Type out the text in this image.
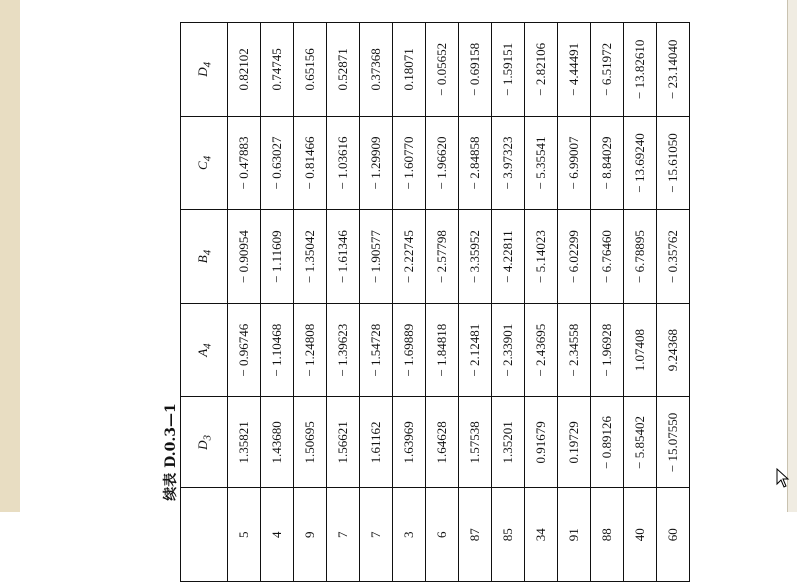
续表 D.0.3—1
	$D_3$	$A_4$	$B_4$	$C_4$	$D_4$
5	1.35821	− 0.96746	− 0.90954	− 0.47883	0.82102
4	1.43680	− 1.10468	− 1.11609	− 0.63027	0.74745
9	1.50695	− 1.24808	− 1.35042	− 0.81466	0.65156
7	1.56621	− 1.39623	− 1.61346	− 1.03616	0.52871
7	1.61162	− 1.54728	− 1.90577	− 1.29909	0.37368
3	1.63969	− 1.69889	− 2.22745	− 1.60770	0.18071
6	1.64628	− 1.84818	− 2.57798	− 1.96620	− 0.05652
87	1.57538	− 2.12481	− 3.35952	− 2.84858	− 0.69158
85	1.35201	− 2.33901	− 4.22811	− 3.97323	− 1.59151
34	0.91679	− 2.43695	− 5.14023	− 5.35541	− 2.82106
91	0.19729	− 2.34558	− 6.02299	− 6.99007	− 4.44491
88	− 0.89126	− 1.96928	− 6.76460	− 8.84029	− 6.51972
40	− 5.85402	1.07408	− 6.78895	− 13.69240	− 13.82610
60	− 15.07550	9.24368	− 0.35762	− 15.61050	− 23.14040
